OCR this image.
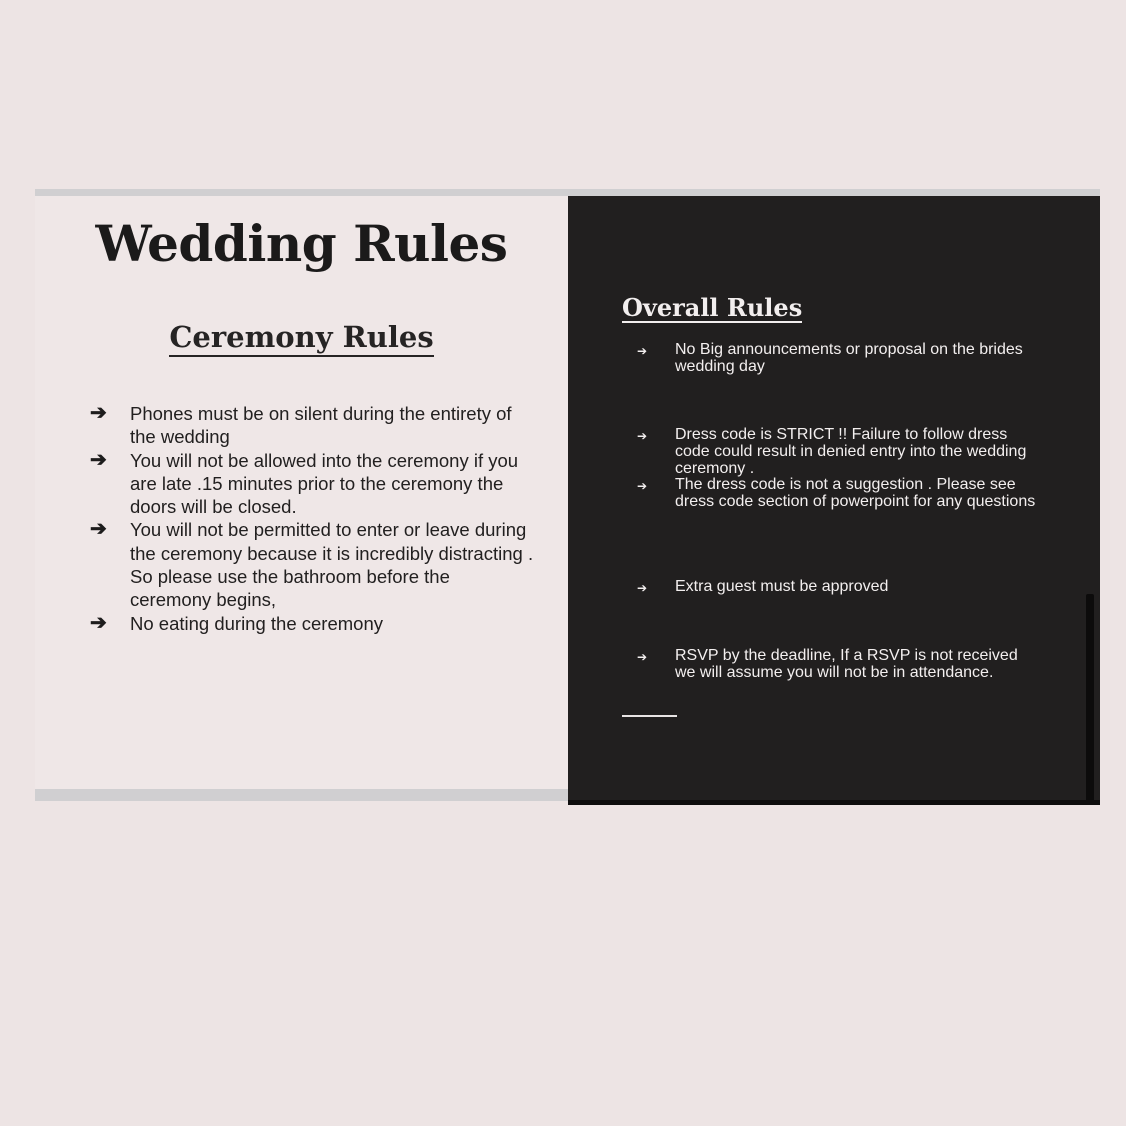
Wedding Rules
Ceremony Rules
➔ Phones must be on silent during the entirety of the wedding
➔ You will not be allowed into the ceremony if you are late .15 minutes prior to the ceremony the doors will be closed.
➔ You will not be permitted to enter or leave during the ceremony because it is incredibly distracting . So please use the bathroom before the ceremony begins,
➔ No eating during the ceremony
Overall Rules
➔ No Big announcements or proposal on the brides wedding day
➔ Dress code is STRICT !! Failure to follow dress code could result in denied entry into the wedding ceremony .
➔ The dress code is not a suggestion . Please see dress code section of powerpoint for any questions
➔ Extra guest must be approved
➔ RSVP by the deadline, If a RSVP is not received we will assume you will not be in attendance.
